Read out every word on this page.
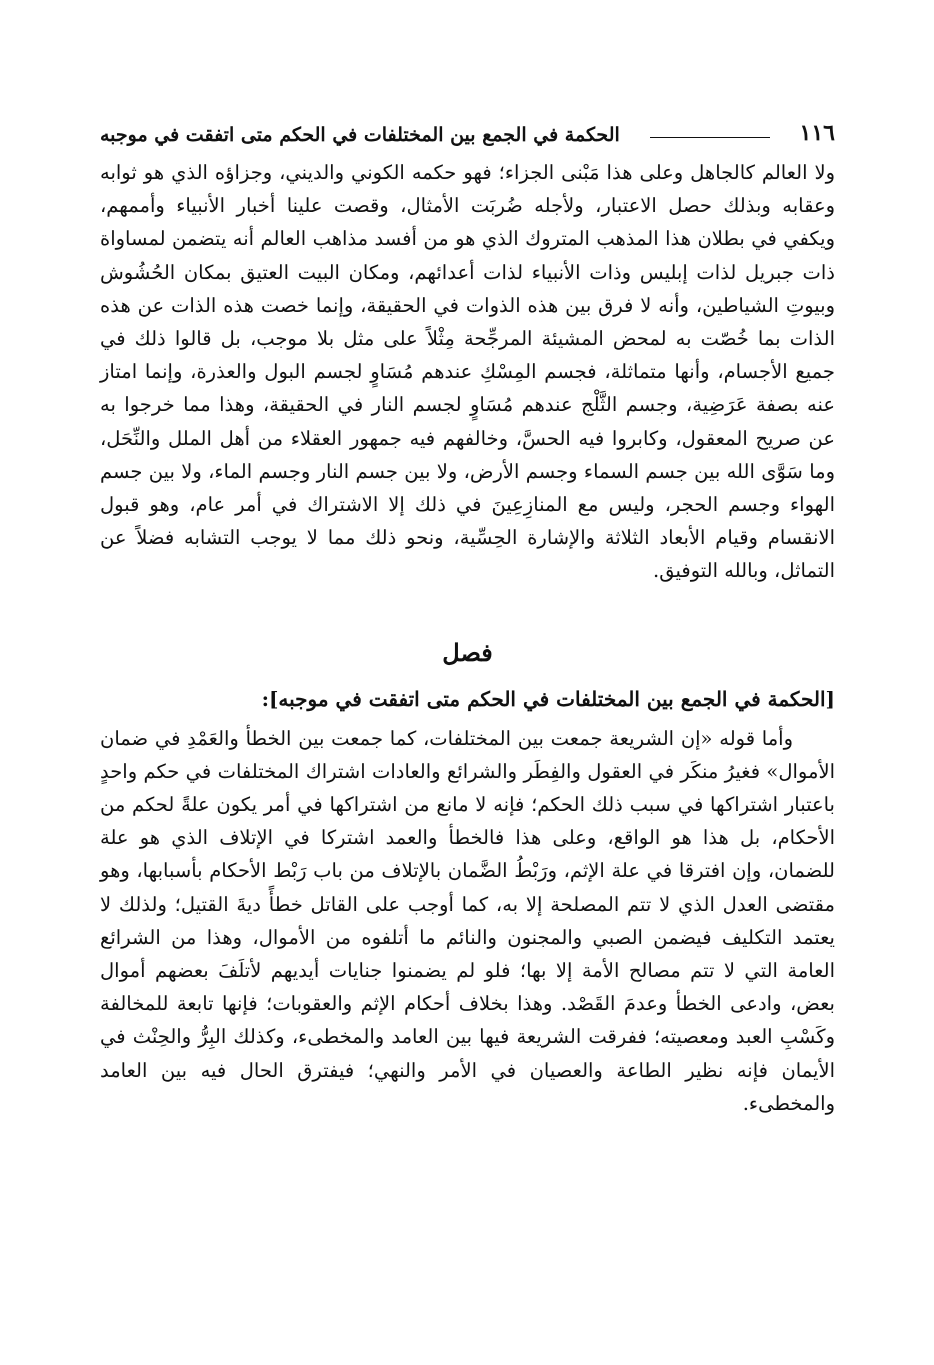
١١٦
الحكمة في الجمع بين المختلفات في الحكم متى اتفقت في موجبه

ولا العالم كالجاهل وعلى هذا مَبْنى الجزاء؛ فهو حكمه الكوني والديني، وجزاؤه الذي هو ثوابه وعقابه وبذلك حصل الاعتبار، ولأجله ضُربَت الأمثال، وقصت علينا أخبار الأنبياء وأممهم، ويكفي في بطلان هذا المذهب المتروك الذي هو من أفسد مذاهب العالم أنه يتضمن لمساواة ذات جبريل لذات إبليس وذات الأنبياء لذات أعدائهم، ومكان البيت العتيق بمكان الحُشُوش وبيوتِ الشياطين، وأنه لا فرق بين هذه الذوات في الحقيقة، وإنما خصت هذه الذات عن هذه الذات بما خُصّت به لمحض المشيئة المرجِّحة مِثْلاً على مثل بلا موجب، بل قالوا ذلك في جميع الأجسام، وأنها متماثلة، فجسم المِسْكِ عندهم مُسَاوٍ لجسم البول والعذرة، وإنما امتاز عنه بصفة عَرَضِية، وجسم الثَّلْج عندهم مُسَاوٍ لجسم النار في الحقيقة، وهذا مما خرجوا به عن صريح المعقول، وكابروا فيه الحسَّ، وخالفهم فيه جمهور العقلاء من أهل الملل والنِّحَل، وما سَوَّى الله بين جسم السماء وجسم الأرض، ولا بين جسم النار وجسم الماء، ولا بين جسم الهواء وجسم الحجر، وليس مع المنازِعِينَ في ذلك إلا الاشتراك في أمر عام، وهو قبول الانقسام وقيام الأبعاد الثلاثة والإشارة الحِسِّية، ونحو ذلك مما لا يوجب التشابه فضلاً عن التماثل، وبالله التوفيق.

فصل
[الحكمة في الجمع بين المختلفات في الحكم متى اتفقت في موجبه]:

وأما قوله «إن الشريعة جمعت بين المختلفات، كما جمعت بين الخطأ والعَمْدِ في ضمان الأموال» فغيرُ منكَر في العقول والفِطَر والشرائع والعادات اشتراك المختلفات في حكم واحدٍ باعتبار اشتراكها في سبب ذلك الحكم؛ فإنه لا مانع من اشتراكها في أمر يكون علةً لحكم من الأحكام، بل هذا هو الواقع، وعلى هذا فالخطأ والعمد اشتركا في الإتلاف الذي هو علة للضمان، وإن افترقا في علة الإثم، ورَبْطُ الضَّمان بالإتلاف من باب رَبْط الأحكام بأسبابها، وهو مقتضى العدل الذي لا تتم المصلحة إلا به، كما أوجب على القاتل خطأً ديةَ القتيل؛ ولذلك لا يعتمد التكليف فيضمن الصبي والمجنون والنائم ما أتلفوه من الأموال، وهذا من الشرائع العامة التي لا تتم مصالح الأمة إلا بها؛ فلو لم يضمنوا جنايات أيديهم لأتلَفَ بعضهم أموال بعض، وادعى الخطأ وعدمَ القَصْد. وهذا بخلاف أحكام الإثم والعقوبات؛ فإنها تابعة للمخالفة وكَسْبِ العبد ومعصيته؛ ففرقت الشريعة فيها بين العامد والمخطىء، وكذلك البِرُّ والحِنْث في الأيمان فإنه نظير الطاعة والعصيان في الأمر والنهي؛ فيفترق الحال فيه بين العامد والمخطىء.
